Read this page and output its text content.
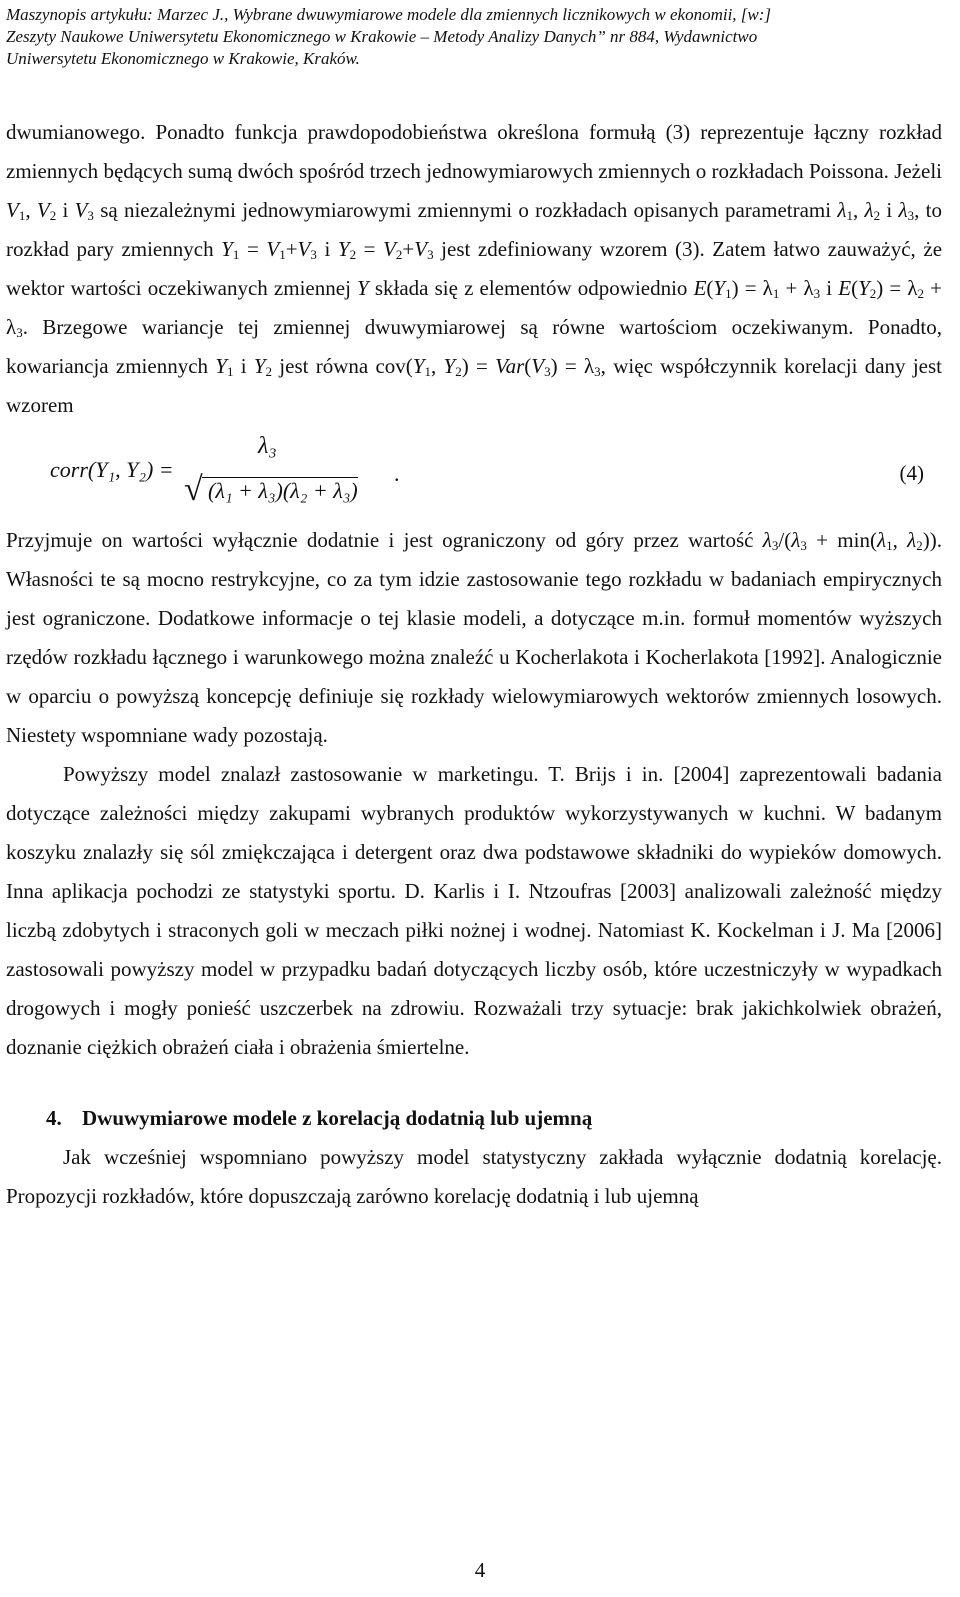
Maszynopis artykułu: Marzec J., Wybrane dwuwymiarowe modele dla zmiennych licznikowych w ekonomii, [w:]
Zeszyty Naukowe Uniwersytetu Ekonomicznego w Krakowie – Metody Analizy Danych” nr 884, Wydawnictwo
Uniwersytetu Ekonomicznego w Krakowie, Kraków.

dwumianowego. Ponadto funkcja prawdopodobieństwa określona formułą (3) reprezentuje łączny rozkład zmiennych będących sumą dwóch spośród trzech jednowymiarowych zmiennych o rozkładach Poissona. Jeżeli $V_1$, $V_2$ i $V_3$ są niezależnymi jednowymiarowymi zmiennymi o rozkładach opisanych parametrami $\lambda_1$, $\lambda_2$ i $\lambda_3$, to rozkład pary zmiennych $Y_1 = V_1+V_3$ i $Y_2 = V_2+V_3$ jest zdefiniowany wzorem (3). Zatem łatwo zauważyć, że wektor wartości oczekiwanych zmiennej Y składa się z elementów odpowiednio $E(Y_1) = \lambda_1 + \lambda_3$ i $E(Y_2) = \lambda_2 + \lambda_3$. Brzegowe wariancje tej zmiennej dwuwymiarowej są równe wartościom oczekiwanym. Ponadto, kowariancja zmiennych $Y_1$ i $Y_2$ jest równa $cov(Y_1$, $Y_2) = Var(V_3) = \lambda_3$, więc współczynnik korelacji dany jest wzorem

corr(Y₁, Y₂) =
λ₃
√ (λ₁ + λ₃)(λ₂ + λ₃)
.	(4)

Przyjmuje on wartości wyłącznie dodatnie i jest ograniczony od góry przez wartość $\lambda_3/(\lambda_3 + \min(\lambda_1$, $\lambda_2$)). Własności te są mocno restrykcyjne, co za tym idzie zastosowanie tego rozkładu w badaniach empirycznych jest ograniczone. Dodatkowe informacje o tej klasie modeli, a dotyczące m.in. formuł momentów wyższych rzędów rozkładu łącznego i warunkowego można znaleźć u Kocherlakota i Kocherlakota [1992]. Analogicznie w oparciu o powyższą koncepcję definiuje się rozkłady wielowymiarowych wektorów zmiennych losowych. Niestety wspomniane wady pozostają.

Powyższy model znalazł zastosowanie w marketingu. T. Brijs i in. [2004] zaprezentowali badania dotyczące zależności między zakupami wybranych produktów wykorzystywanych w kuchni. W badanym koszyku znalazły się sól zmiękczająca i detergent oraz dwa podstawowe składniki do wypieków domowych. Inna aplikacja pochodzi ze statystyki sportu. D. Karlis i I. Ntzoufras [2003] analizowali zależność między liczbą zdobytych i straconych goli w meczach piłki nożnej i wodnej. Natomiast K. Kockelman i J. Ma [2006] zastosowali powyższy model w przypadku badań dotyczących liczby osób, które uczestniczyły w wypadkach drogowych i mogły ponieść uszczerbek na zdrowiu. Rozważali trzy sytuacje: brak jakichkolwiek obrażeń, doznanie ciężkich obrażeń ciała i obrażenia śmiertelne.

4. Dwuwymiarowe modele z korelacją dodatnią lub ujemną

Jak wcześniej wspomniano powyższy model statystyczny zakłada wyłącznie dodatnią korelację. Propozycji rozkładów, które dopuszczają zarówno korelację dodatnią i lub ujemną

4
